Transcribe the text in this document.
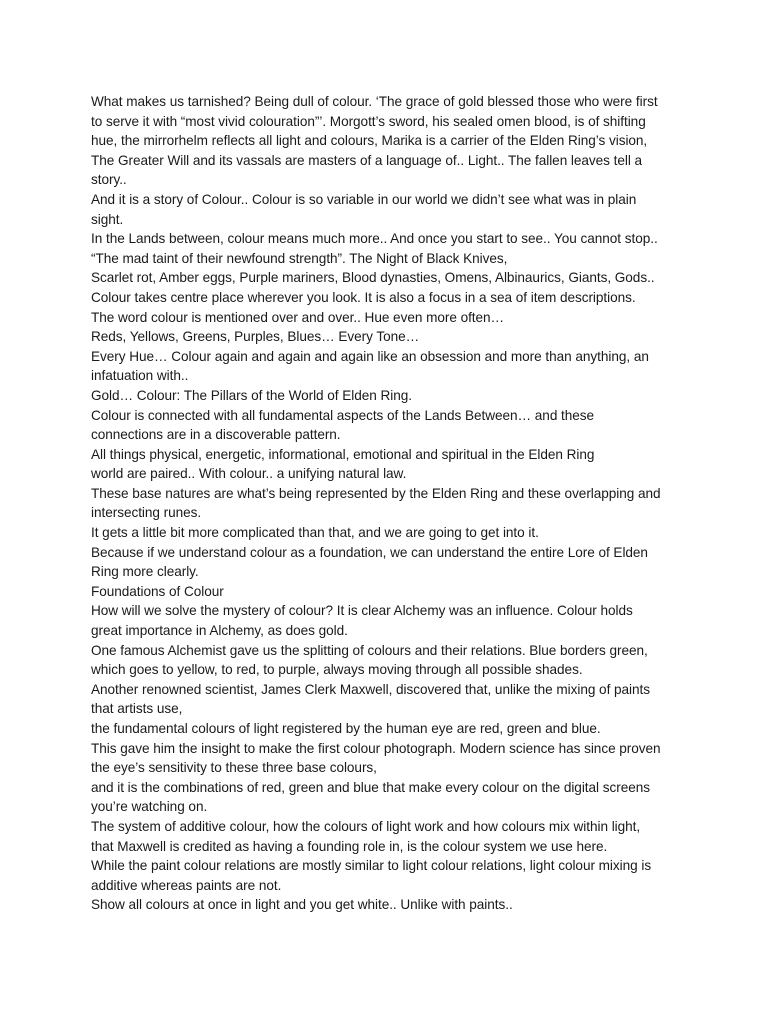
What makes us tarnished? Being dull of colour. ‘The grace of gold blessed those who were first
to serve it with “most vivid colouration”’. Morgott’s sword, his sealed omen blood, is of shifting
hue, the mirrorhelm reflects all light and colours, Marika is a carrier of the Elden Ring’s vision,
The Greater Will and its vassals are masters of a language of.. Light.. The fallen leaves tell a
story..
And it is a story of Colour.. Colour is so variable in our world we didn’t see what was in plain
sight.
In the Lands between, colour means much more.. And once you start to see.. You cannot stop..
“The mad taint of their newfound strength”. The Night of Black Knives,
Scarlet rot, Amber eggs, Purple mariners, Blood dynasties, Omens, Albinaurics, Giants, Gods..
Colour takes centre place wherever you look. It is also a focus in a sea of item descriptions.
The word colour is mentioned over and over.. Hue even more often…
Reds, Yellows, Greens, Purples, Blues… Every Tone…
Every Hue… Colour again and again and again like an obsession and more than anything, an
infatuation with..
Gold… Colour: The Pillars of the World of Elden Ring.
Colour is connected with all fundamental aspects of the Lands Between… and these
connections are in a discoverable pattern.
All things physical, energetic, informational, emotional and spiritual in the Elden Ring
world are paired.. With colour.. a unifying natural law.
These base natures are what’s being represented by the Elden Ring and these overlapping and
intersecting runes.
It gets a little bit more complicated than that, and we are going to get into it.
Because if we understand colour as a foundation, we can understand the entire Lore of Elden
Ring more clearly.
Foundations of Colour
How will we solve the mystery of colour? It is clear Alchemy was an influence. Colour holds
great importance in Alchemy, as does gold.
One famous Alchemist gave us the splitting of colours and their relations. Blue borders green,
which goes to yellow, to red, to purple, always moving through all possible shades.
Another renowned scientist, James Clerk Maxwell, discovered that, unlike the mixing of paints
that artists use,
the fundamental colours of light registered by the human eye are red, green and blue.
This gave him the insight to make the first colour photograph. Modern science has since proven
the eye’s sensitivity to these three base colours,
and it is the combinations of red, green and blue that make every colour on the digital screens
you’re watching on.
The system of additive colour, how the colours of light work and how colours mix within light,
that Maxwell is credited as having a founding role in, is the colour system we use here.
While the paint colour relations are mostly similar to light colour relations, light colour mixing is
additive whereas paints are not.
Show all colours at once in light and you get white.. Unlike with paints..
